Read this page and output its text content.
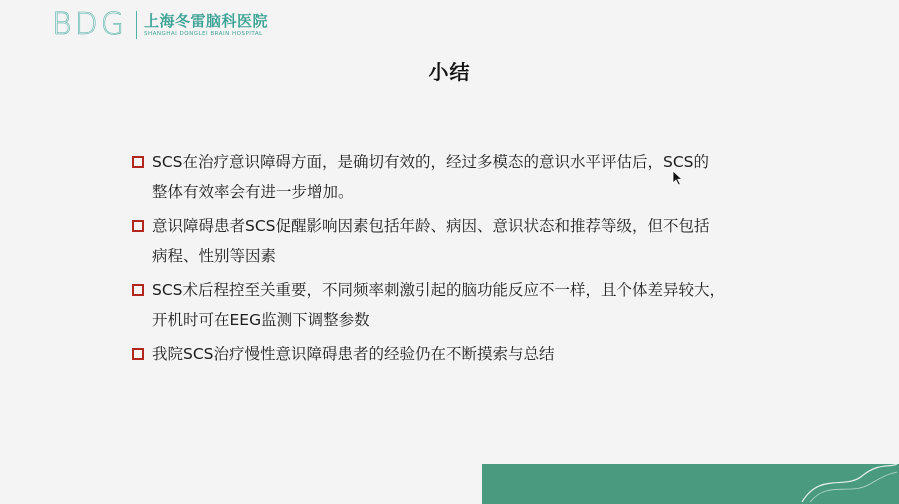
BDG 上海冬雷脑科医院
SHANGHAI DONGLEI BRAIN HOSPITAL
小结
SCS在治疗意识障碍方面，是确切有效的，经过多模态的意识水平评估后，SCS的
整体有效率会有进一步增加。
意识障碍患者SCS促醒影响因素包括年龄、病因、意识状态和推荐等级，但不包括
病程、性别等因素
SCS术后程控至关重要，不同频率刺激引起的脑功能反应不一样，且个体差异较大，
开机时可在EEG监测下调整参数
我院SCS治疗慢性意识障碍患者的经验仍在不断摸索与总结
